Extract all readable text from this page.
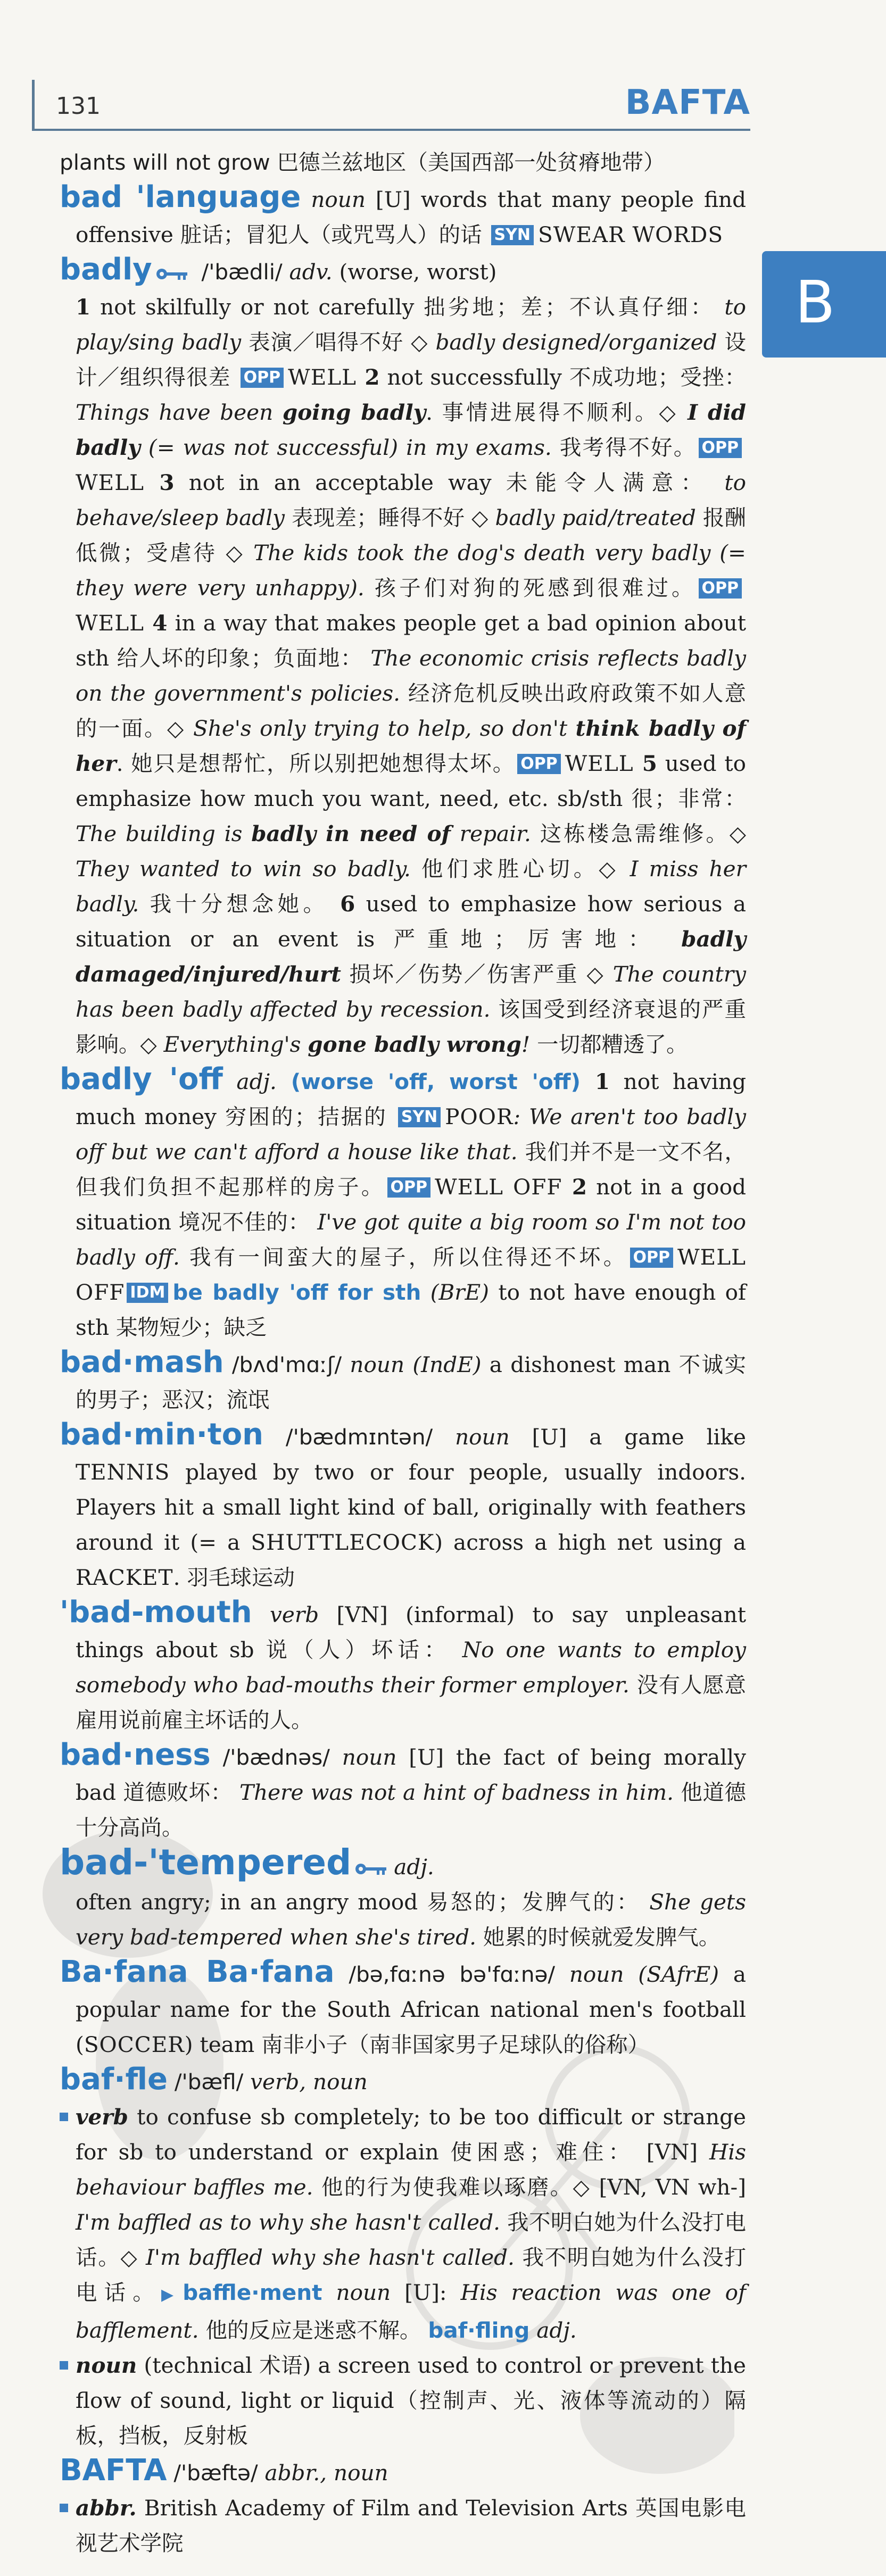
131	BAFTA
B

plants will not grow 巴德兰兹地区（美国西部一处贫瘠地带）

bad 'language noun [U] words that many people find offensive 脏话；冒犯人（或咒骂人）的话 SYN SWEAR WORDS

badly /'bædli/ adv. (worse, worst)
1 not skilfully or not carefully 拙劣地；差；不认真仔细： to play/sing badly 表演／唱得不好 ◇ badly designed/organized 设计／组织得很差 OPP WELL 2 not successfully 不成功地；受挫： Things have been going badly. 事情进展得不顺利。◇ I did badly (= was not successful) in my exams. 我考得不好。 OPPWELL 3 not in an acceptable way 未能令人满意： to behave/sleep badly 表现差；睡得不好 ◇ badly paid/treated 报酬低微；受虐待 ◇ The kids took the dog's death very badly (= they were very unhappy). 孩子们对狗的死感到很难过。 OPPWELL 4 in a way that makes people get a bad opinion about sth 给人坏的印象；负面地： The economic crisis reflects badly on the government's policies. 经济危机反映出政府政策不如人意的一面。◇ She's only trying to help, so don't think badly of her. 她只是想帮忙，所以别把她想得太坏。 OPP WELL 5 used to emphasize how much you want, need, etc. sb/sth 很；非常： The building is badly in need of repair. 这栋楼急需维修。◇ They wanted to win so badly. 他们求胜心切。◇ I miss her badly. 我十分想念她。 6 used to emphasize how serious a situation or an event is 严重地；厉害地： badly damaged/injured/hurt 损坏／伤势／伤害严重 ◇ The country has been badly affected by recession. 该国受到经济衰退的严重影响。◇ Everything's gone badly wrong! 一切都糟透了。

badly 'off adj. (worse 'off, worst 'off) 1 not having much money 穷困的；拮据的 SYN POOR: We aren't too badly off but we can't afford a house like that. 我们并不是一文不名，但我们负担不起那样的房子。 OPP WELL OFF 2 not in a good situation 境况不佳的： I've got quite a big room so I'm not too badly off. 我有一间蛮大的屋子，所以住得还不坏。 OPP WELL OFF IDM be badly 'off for sth (BrE) to not have enough of sth 某物短少；缺乏

bad·mash /bʌd'mɑːʃ/ noun (IndE) a dishonest man 不诚实的男子；恶汉；流氓

bad·min·ton /'bædmɪntən/ noun [U] a game like TENNIS played by two or four people, usually indoors. Players hit a small light kind of ball, originally with feathers around it (= a SHUTTLECOCK) across a high net using a RACKET. 羽毛球运动

'bad-mouth verb [VN] (informal) to say unpleasant things about sb 说（人）坏话： No one wants to employ somebody who bad-mouths their former employer. 没有人愿意雇用说前雇主坏话的人。

bad·ness /'bædnəs/ noun [U] the fact of being morally bad 道德败坏： There was not a hint of badness in him. 他道德十分高尚。

bad-'tempered adj.
often angry; in an angry mood 易怒的；发脾气的： She gets very bad-tempered when she's tired. 她累的时候就爱发脾气。

Ba·fana Ba·fana /bə,fɑːnə bə'fɑːnə/ noun (SAfrE) a popular name for the South African national men's football (SOCCER) team 南非小子（南非国家男子足球队的俗称）

baf·fle /'bæfl/ verb, noun

verb to confuse sb completely; to be too difficult or strange for sb to understand or explain 使困惑；难住： [VN] His behaviour baffles me. 他的行为使我难以琢磨。◇ [VN, VN wh-] I'm baffled as to why she hasn't called. 我不明白她为什么没打电话。◇ I'm baffled why she hasn't called. 我不明白她为什么没打电话。▶baffle·ment noun [U]: His reaction was one of bafflement. 他的反应是迷惑不解。 baf·fling adj.

noun (technical 术语) a screen used to control or prevent the flow of sound, light or liquid（控制声、光、液体等流动的）隔板，挡板，反射板

BAFTA /'bæftə/ abbr., noun

abbr. British Academy of Film and Television Arts 英国电影电视艺术学院
